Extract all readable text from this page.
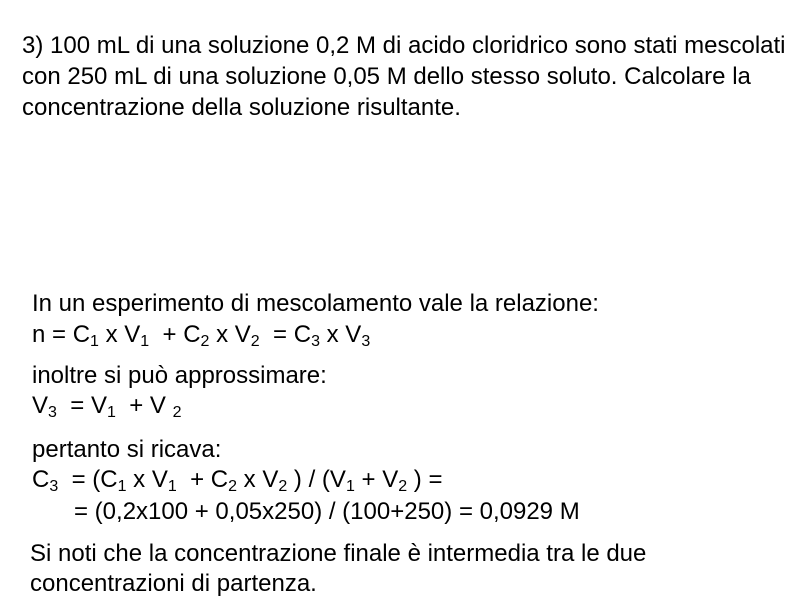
3) 100 mL di una soluzione 0,2 M di acido cloridrico sono stati mescolati con 250 mL di una soluzione 0,05 M dello stesso soluto. Calcolare la concentrazione della soluzione risultante.

In un esperimento di mescolamento vale la relazione:
n = C1 x V1  + C2 x V2  = C3 x V3
inoltre si può approssimare:
V3  = V1  + V 2
pertanto si ricava:
C3  = (C1 x V1  + C2 x V2 ) / (V1 + V2 ) =
= (0,2x100 + 0,05x250) / (100+250) = 0,0929 M
Si noti che la concentrazione finale è intermedia tra le due
concentrazioni di partenza.
